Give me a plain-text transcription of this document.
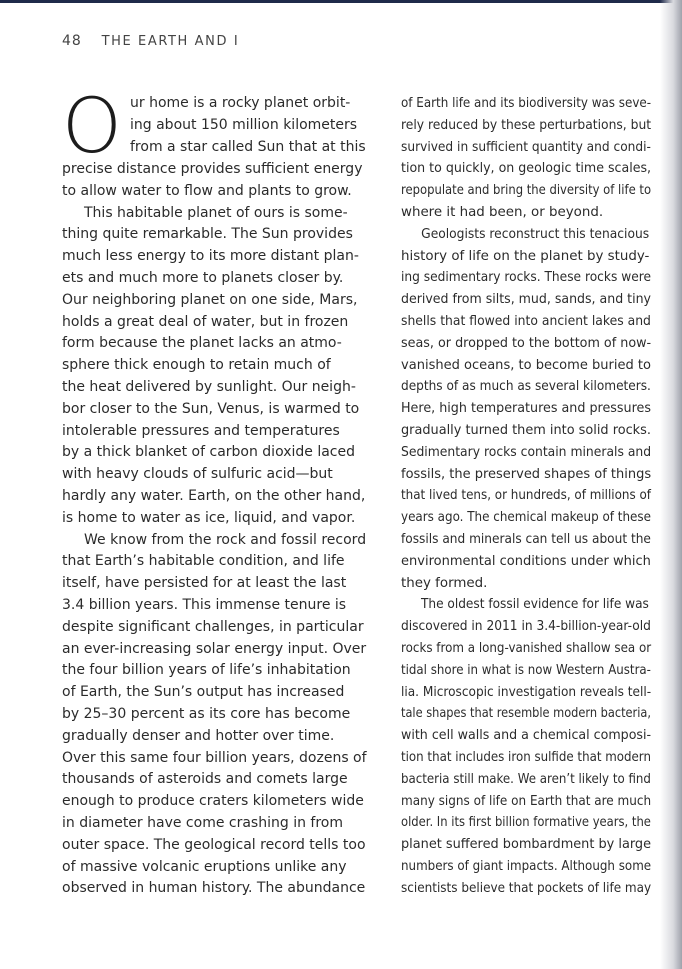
48 THE EARTH AND I

O ur home is a rocky planet orbit-
ing about 150 million kilometers
from a star called Sun that at this
precise distance provides sufficient energy
to allow water to flow and plants to grow.

This habitable planet of ours is some-
thing quite remarkable. The Sun provides
much less energy to its more distant plan-
ets and much more to planets closer by.
Our neighboring planet on one side, Mars,
holds a great deal of water, but in frozen
form because the planet lacks an atmo-
sphere thick enough to retain much of
the heat delivered by sunlight. Our neigh-
bor closer to the Sun, Venus, is warmed to
intolerable pressures and temperatures
by a thick blanket of carbon dioxide laced
with heavy clouds of sulfuric acid—but
hardly any water. Earth, on the other hand,
is home to water as ice, liquid, and vapor.

We know from the rock and fossil record
that Earth’s habitable condition, and life
itself, have persisted for at least the last
3.4 billion years. This immense tenure is
despite significant challenges, in particular
an ever-increasing solar energy input. Over
the four billion years of life’s inhabitation
of Earth, the Sun’s output has increased
by 25–30 percent as its core has become
gradually denser and hotter over time.
Over this same four billion years, dozens of
thousands of asteroids and comets large
enough to produce craters kilometers wide
in diameter have come crashing in from
outer space. The geological record tells too
of massive volcanic eruptions unlike any
observed in human history. The abundance

of Earth life and its biodiversity was seve-
rely reduced by these perturbations, but
survived in sufficient quantity and condi-
tion to quickly, on geologic time scales,
repopulate and bring the diversity of life to
where it had been, or beyond.

Geologists reconstruct this tenacious
history of life on the planet by study-
ing sedimentary rocks. These rocks were
derived from silts, mud, sands, and tiny
shells that flowed into ancient lakes and
seas, or dropped to the bottom of now-
vanished oceans, to become buried to
depths of as much as several kilometers.
Here, high temperatures and pressures
gradually turned them into solid rocks.
Sedimentary rocks contain minerals and
fossils, the preserved shapes of things
that lived tens, or hundreds, of millions of
years ago. The chemical makeup of these
fossils and minerals can tell us about the
environmental conditions under which
they formed.

The oldest fossil evidence for life was
discovered in 2011 in 3.4-billion-year-old
rocks from a long-vanished shallow sea or
tidal shore in what is now Western Austra-
lia. Microscopic investigation reveals tell-
tale shapes that resemble modern bacteria,
with cell walls and a chemical composi-
tion that includes iron sulfide that modern
bacteria still make. We aren’t likely to find
many signs of life on Earth that are much
older. In its first billion formative years, the
planet suffered bombardment by large
numbers of giant impacts. Although some
scientists believe that pockets of life may
